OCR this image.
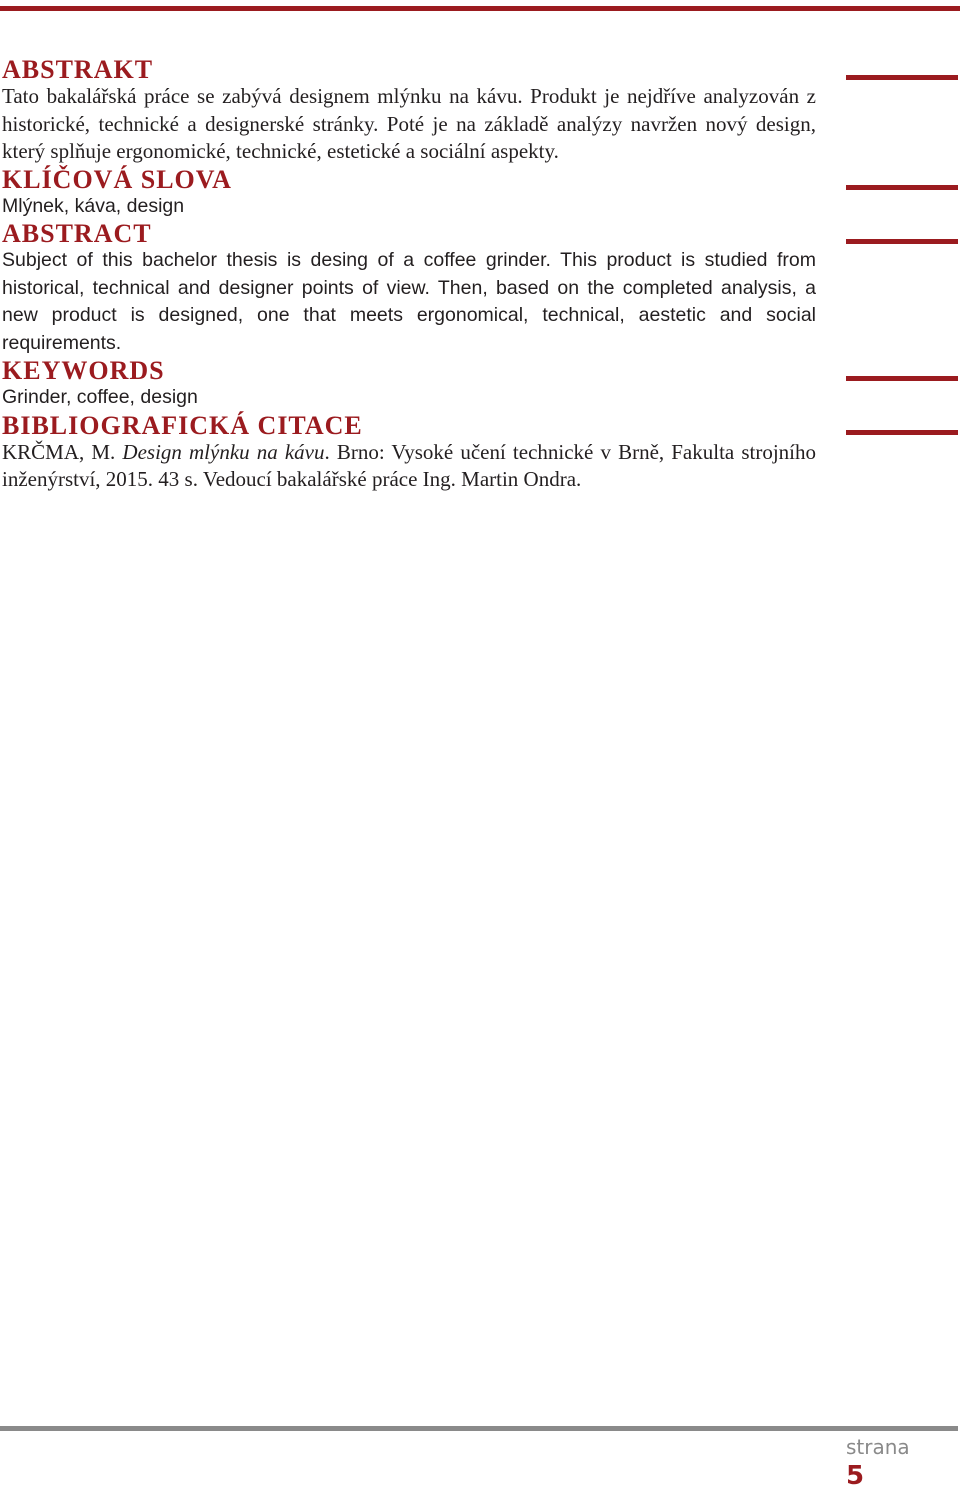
ABSTRAKT

Tato bakalářská práce se zabývá designem mlýnku na kávu. Produkt je nejdříve analyzován z historické, technické a designerské stránky. Poté je na základě analýzy navržen nový design, který splňuje ergonomické, technické, estetické a sociální aspekty.

KLÍČOVÁ SLOVA

Mlýnek, káva, design

ABSTRACT

Subject of this bachelor thesis is desing of a coffee grinder. This product is studied from historical, technical and designer points of view. Then, based on the completed analysis, a new product is designed, one that meets ergonomical, technical, aestetic and social requirements.

KEYWORDS

Grinder, coffee, design

BIBLIOGRAFICKÁ CITACE

KRČMA, M. Design mlýnku na kávu. Brno: Vysoké učení technické v Brně, Fakulta strojního inženýrství, 2015. 43 s. Vedoucí bakalářské práce Ing. Martin Ondra.

strana
5
